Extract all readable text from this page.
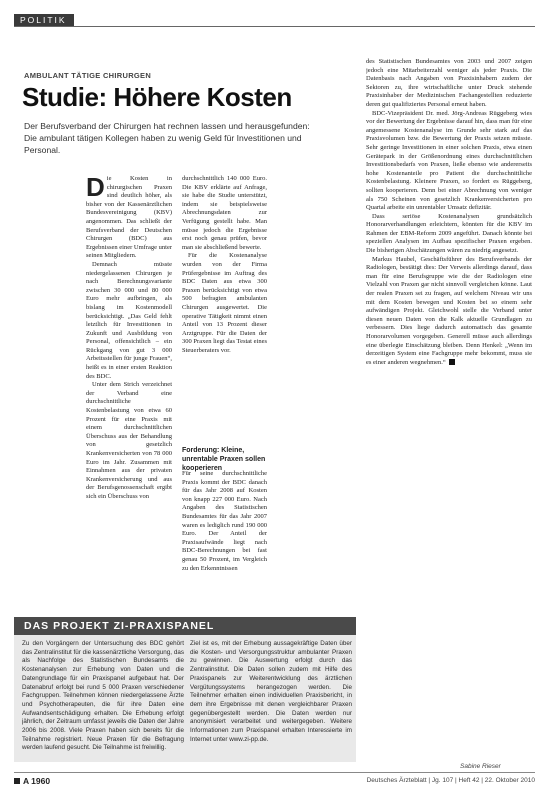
POLITIK
AMBULANT TÄTIGE CHIRURGEN
Studie: Höhere Kosten

Der Berufsverband der Chirurgen hat rechnen lassen und herausgefunden: Die ambulant tätigen Kollegen haben zu wenig Geld für Investitionen und Personal.

Die Kosten in chirurgischen Praxen sind deutlich höher, als bisher von der Kassenärztlichen Bundesvereinigung (KBV) angenommen. Das schließt der Berufsverband der Deutschen Chirurgen (BDC) aus Ergebnissen einer Umfrage unter seinen Mitgliedern.

Demnach müsste niedergelassenen Chirurgen je nach Berechnungsvariante zwischen 30 000 und 80 000 Euro mehr aufbringen, als bislang im Kostenmodell berücksichtigt. „Das Geld fehlt letztlich für Investitionen in Zukunft und Ausbildung von Personal, offensichtlich – ein Rückgang von gut 3 000 Arbeitsstellen für junge Frauen“, heißt es in einer ersten Reaktion des BDC.

Unter dem Strich verzeichnet der Verband eine durchschnittliche Kostenbelastung von etwa 60 Prozent für eine Praxis mit einem durchschnittlichen Überschuss aus der Behandlung von gesetzlich Krankenversicherten von 78 000 Euro im Jahr. Zusammen mit Einnahmen aus der privaten Krankenversicherung und aus der Berufsgenossenschaft ergibt sich ein Überschuss von

durchschnittlich 140 000 Euro. Die KBV erklärte auf Anfrage, sie habe die Studie unterstützt, indem sie beispielsweise Abrechnungsdaten zur Verfügung gestellt habe. Man müsse jedoch die Ergebnisse erst noch genau prüfen, bevor man sie abschließend bewerte.

Für die Kostenanalyse wurden von der Firma Prüfergebnisse im Auftrag des BDC Daten aus etwa 300 Praxen berücksichtigt von etwa 500 befragten ambulanten Chirurgen ausgewertet. Die operative Tätigkeit nimmt einen Anteil von 13 Prozent dieser Arztgruppe. Für die Daten der 300 Praxen liegt das Testat eines Steuerberaters vor.

Forderung: Kleine, unrentable Praxen sollen kooperieren

Für seine durchschnittliche Praxis kommt der BDC danach für das Jahr 2008 auf Kosten von knapp 227 000 Euro. Nach Angaben des Statistischen Bundesamtes für das Jahr 2007 waren es lediglich rund 190 000 Euro. Der Anteil der Praxisaufwände liegt nach BDC-Berechnungen bei fast genau 50 Prozent, im Vergleich zu den Erkenntnissen

des Statistischen Bundesamtes von 2003 und 2007 zeigen jedoch eine Mitarbeiterzahl weniger als jeder Praxis. Die Datenbasis nach Angaben von Praxisinhabern zudem der Sektoren zu, ihre wirtschaftliche unter Druck stehende Praxisinhaber der Medizinischen Fachangestellten reduzierte deren gut qualifiziertes Personal erneut haben.

BDC-Vizepräsident Dr. med. Jörg-Andreas Rüggeberg wies vor der Bewertung der Ergebnisse darauf hin, dass man für eine angemessene Kostenanalyse im Grunde sehr stark auf das Praxisvolumen bzw. die Bewertung der Praxis setzen müsste. Sehr geringe Investitionen in einer solchen Praxis, etwa einen Gerätepark in der Größenordnung eines durchschnittlichen Investitionsbedarfs von Praxen, ließe ebenso wie andererseits hohe Kostenanteile pro Patient die durchschnittliche Kostenbelastung. Kleinere Praxen, so fordert es Rüggeberg, sollten kooperieren. Denn bei einer Abrechnung von weniger als 750 Scheinen von gesetzlich Krankenversicherten pro Quartal arbeite ein unrentabler Umsatz defizitär.

Dass seriöse Kostenanalysen grundsätzlich Honorarverhandlungen erleichtern, könnten für die KBV im Rahmen der EBM-Reform 2009 angeführt. Danach könnte bei speziellen Analysen im Aufbau spezifischer Praxen ergeben. Die bisherigen Abschätzungen wären zu niedrig angesetzt.

Markus Haubel, Geschäftsführer des Berufsverbands der Radiologen, bestätigt dies: Der Verweis allerdings darauf, dass man für eine Berufsgruppe wie die der Radiologen eine Vielzahl von Praxen gar nicht sinnvoll vergleichen könne. Laut der realen Praxen sei zu fragen, auf welchem Niveau wir uns mit dem Kosten bewegen und Kosten bei so einem sehr aufwändigen Projekt. Gleichwohl stelle die Verband unter diesen neuen Daten von die Kalk aktuelle Grundlagen zu verbessern. Dies liege dadurch automatisch das gesamte Honorarvolumen vorgegeben. Generell müsse auch allerdings eine überlegte Einschätzung bleiben. Denn Henkel: „Wenn im derzeitigen System eine Fachgruppe mehr bekommt, muss sie es einer anderen wegnehmen.“

DAS PROJEKT ZI-PRAXISPANEL
Zu den Vorgängern der Untersuchung des BDC gehört das Zentralinstitut für die kassenärztliche Versorgung, das als Nachfolge des Statistischen Bundesamts die Kostenanalysen zur Erhebung von Daten und die Datengrundlage für ein Praxispanel aufgebaut hat. Der Datenabruf erfolgt bei rund 5 000 Praxen verschiedener Fachgruppen. Teilnehmen können niedergelassene Ärzte und Psychotherapeuten, die für ihre Daten eine Aufwandsentschädigung erhalten. Die Erhebung erfolgt jährlich, der Zeitraum umfasst jeweils die Daten der Jahre 2006 bis 2008. Viele Praxen haben sich bereits für die Teilnahme registriert. Neue Praxen für die Befragung werden laufend gesucht. Die Teilnahme ist freiwillig.
Ziel ist es, mit der Erhebung aussagekräftige Daten über die Kosten- und Versorgungsstruktur ambulanter Praxen zu gewinnen. Die Auswertung erfolgt durch das Zentralinstitut. Die Daten sollen zudem mit Hilfe des Praxispanels zur Weiterentwicklung des ärztlichen Vergütungssystems herangezogen werden. Die Teilnehmer erhalten einen individuellen Praxisbericht, in dem ihre Ergebnisse mit denen vergleichbarer Praxen gegenübergestellt werden. Die Daten werden nur anonymisiert verarbeitet und weitergegeben. Weitere Informationen zum Praxispanel erhalten Interessierte im Internet unter www.zi-pp.de.
Sabine Rieser
A 1960	Deutsches Ärzteblatt | Jg. 107 | Heft 42 | 22. Oktober 2010
